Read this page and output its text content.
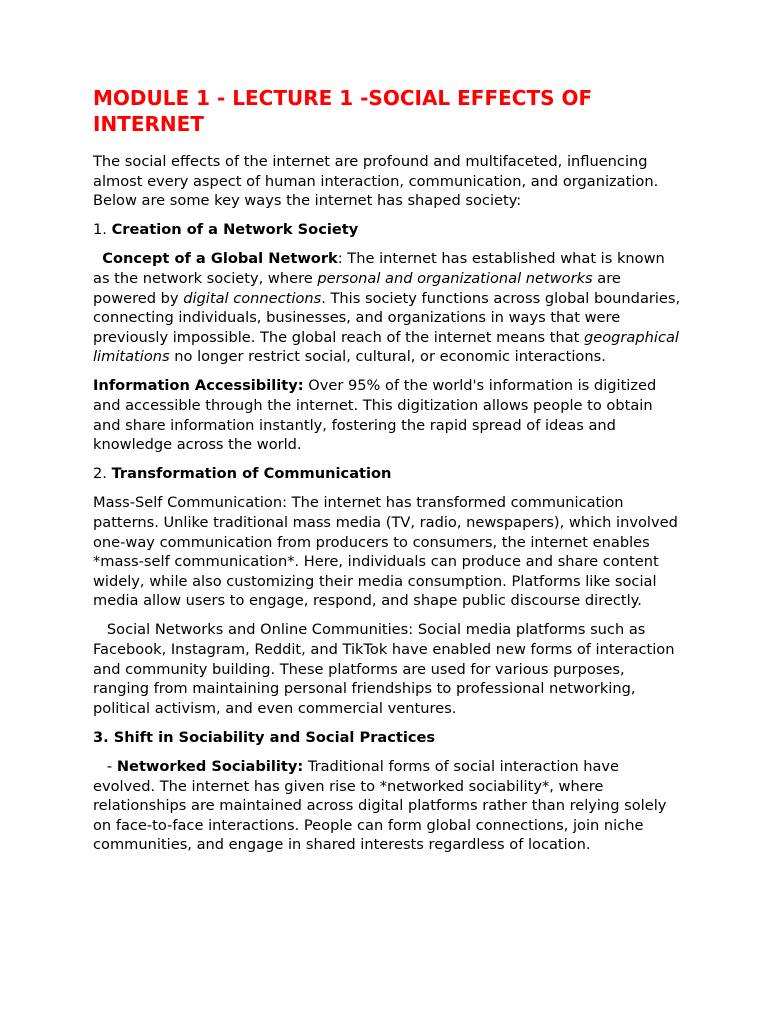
MODULE 1 - LECTURE 1 -SOCIAL EFFECTS OF INTERNET

The social effects of the internet are profound and multifaceted, influencing almost every aspect of human interaction, communication, and organization. Below are some key ways the internet has shaped society:

1. Creation of a Network Society

Concept of a Global Network: The internet has established what is known as the network society, where personal and organizational networks are powered by digital connections. This society functions across global boundaries, connecting individuals, businesses, and organizations in ways that were previously impossible. The global reach of the internet means that geographical limitations no longer restrict social, cultural, or economic interactions.

Information Accessibility: Over 95% of the world's information is digitized and accessible through the internet. This digitization allows people to obtain and share information instantly, fostering the rapid spread of ideas and knowledge across the world.

2. Transformation of Communication

Mass-Self Communication: The internet has transformed communication patterns. Unlike traditional mass media (TV, radio, newspapers), which involved one-way communication from producers to consumers, the internet enables *mass-self communication*. Here, individuals can produce and share content widely, while also customizing their media consumption. Platforms like social media allow users to engage, respond, and shape public discourse directly.

Social Networks and Online Communities: Social media platforms such as Facebook, Instagram, Reddit, and TikTok have enabled new forms of interaction and community building. These platforms are used for various purposes, ranging from maintaining personal friendships to professional networking, political activism, and even commercial ventures.

3. Shift in Sociability and Social Practices

- Networked Sociability: Traditional forms of social interaction have evolved. The internet has given rise to *networked sociability*, where relationships are maintained across digital platforms rather than relying solely on face-to-face interactions. People can form global connections, join niche communities, and engage in shared interests regardless of location.
